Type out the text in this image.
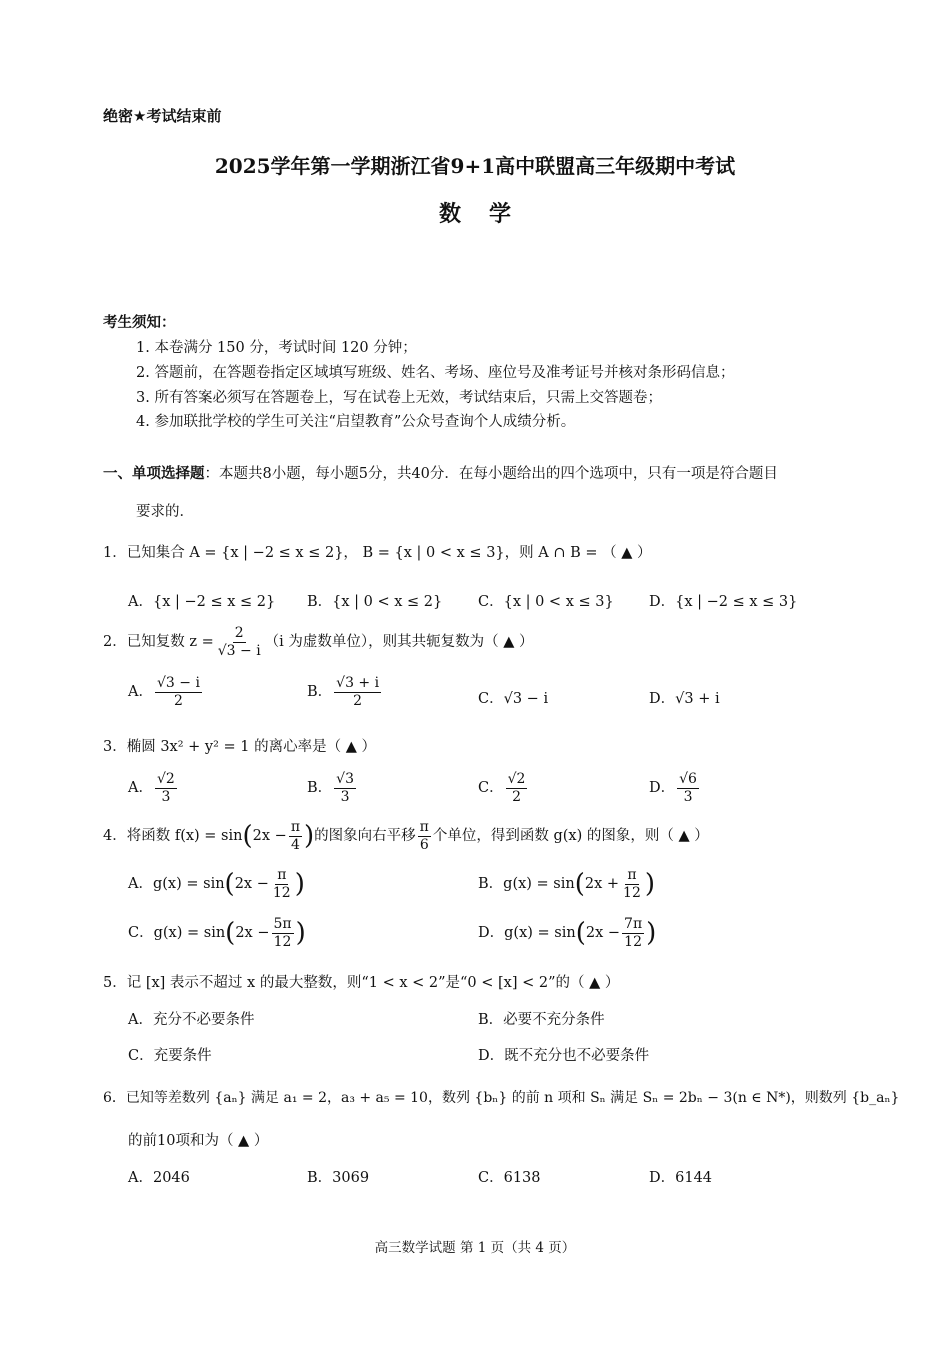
绝密★考试结束前
2025学年第一学期浙江省9+1高中联盟高三年级期中考试
数学
考生须知：
1. 本卷满分 150 分，考试时间 120 分钟；
2. 答题前，在答题卷指定区域填写班级、姓名、考场、座位号及准考证号并核对条形码信息；
3. 所有答案必须写在答题卷上，写在试卷上无效，考试结束后，只需上交答题卷；
4. 参加联批学校的学生可关注“启望教育”公众号查询个人成绩分析。
一、单项选择题：本题共8小题，每小题5分，共40分．在每小题给出的四个选项中，只有一项是符合题目
要求的．
1．已知集合 A = {x | −2 ≤ x ≤ 2}， B = {x | 0 < x ≤ 3}，则 A ∩ B = （ ▲ ）
A．{x | −2 ≤ x ≤ 2} B．{x | 0 < x ≤ 2} C．{x | 0 < x ≤ 3} D．{x | −2 ≤ x ≤ 3}
2．已知复数 $z = \frac{2}{√3 - i} (i$ 为虚数单位），则其共轭复数为（ ▲ ）
A． $\frac{√3 - i}{2}$	B． $\frac{√3 + i}{2}$	C．√3 − i	D．√3 + i
3．椭圆 3x² + y² = 1 的离心率是（ ▲ ）
A． $\frac{√2}{3}$	B． $\frac{√3}{3}$	C． $\frac{√2}{2}$	D． $\frac{√6}{3}$
4．将函数 $f(x) = \sin(2x - \frac{\pi}{4}$ )的图象向右平移 $\frac{\pi}{6}$ 个单位，得到函数 g(x) 的图象，则（ ▲ ）
A．$g(x) = \sin(2x - \frac{\pi}{12}$ )	B．$g(x) = \sin(2x + \frac{\pi}{12}$ )
C．$g(x) = \sin(2x - \frac{5\pi}{12}$ )	D．$g(x) = \sin(2x - \frac{7\pi}{12}$ )
5．记 [x] 表示不超过 x 的最大整数，则“1 < x < 2”是“0 < [x] < 2”的（ ▲ ）
A．充分不必要条件	B．必要不充分条件
C．充要条件	D．既不充分也不必要条件
6．已知等差数列 {aₙ} 满足 a₁ = 2，a₃ + a₅ = 10，数列 {bₙ} 的前 n 项和 Sₙ 满足 Sₙ = 2bₙ − 3(n ∈ N*)，则数列 {b_aₙ}
的前10项和为（ ▲ ）
A．2046	B．3069	C．6138	D．6144
高三数学试题 第 1 页（共 4 页）
